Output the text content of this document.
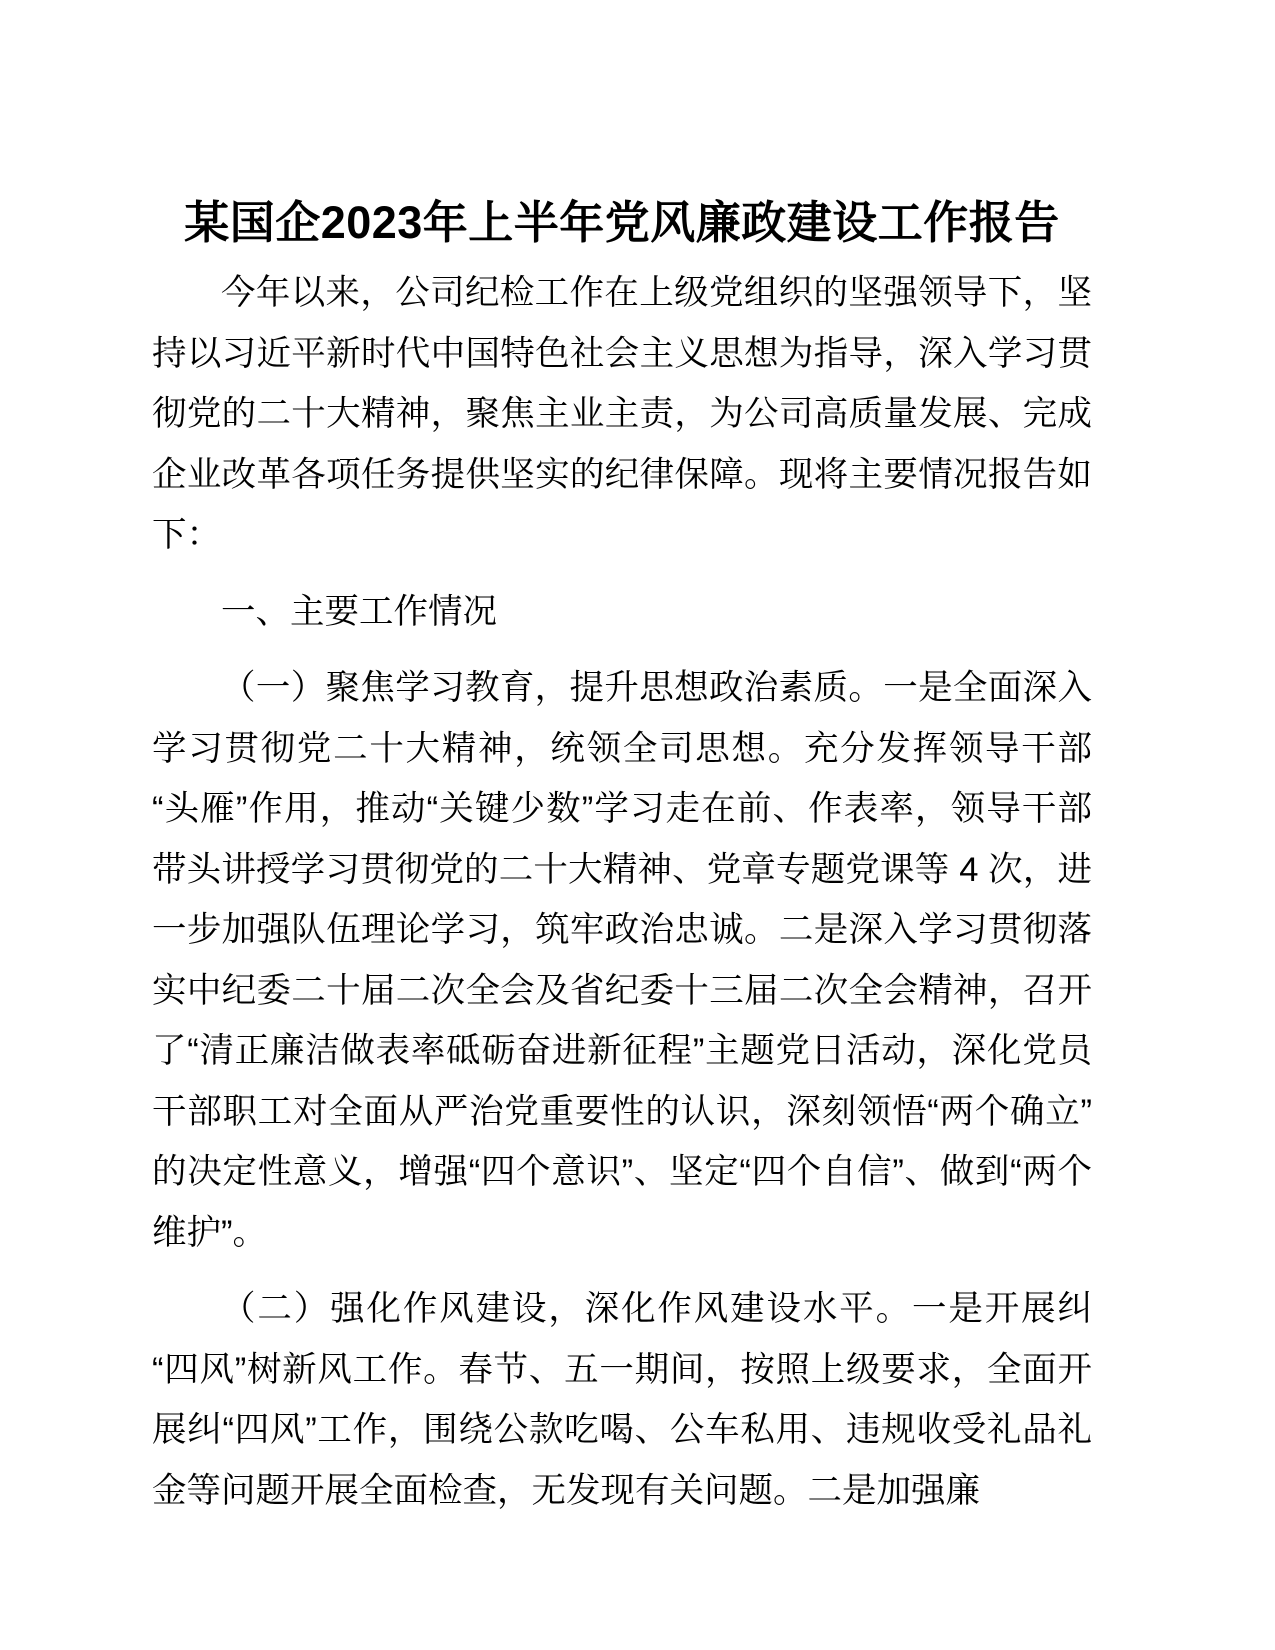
某国企2023年上半年党风廉政建设工作报告

今年以来，公司纪检工作在上级党组织的坚强领导下，坚持以习近平新时代中国特色社会主义思想为指导，深入学习贯彻党的二十大精神，聚焦主业主责，为公司高质量发展、完成企业改革各项任务提供坚实的纪律保障。现将主要情况报告如下：

一、主要工作情况

（一）聚焦学习教育，提升思想政治素质。一是全面深入学习贯彻党二十大精神，统领全司思想。充分发挥领导干部“头雁”作用，推动“关键少数”学习走在前、作表率，领导干部带头讲授学习贯彻党的二十大精神、党章专题党课等 4 次，进一步加强队伍理论学习，筑牢政治忠诚。二是深入学习贯彻落实中纪委二十届二次全会及省纪委十三届二次全会精神，召开了“清正廉洁做表率砥砺奋进新征程”主题党日活动，深化党员干部职工对全面从严治党重要性的认识，深刻领悟“两个确立”的决定性意义，增强“四个意识”、坚定“四个自信”、做到“两个维护”。

（二）强化作风建设，深化作风建设水平。一是开展纠“四风”树新风工作。春节、五一期间，按照上级要求，全面开展纠“四风”工作，围绕公款吃喝、公车私用、违规收受礼品礼金等问题开展全面检查，无发现有关问题。二是加强廉
